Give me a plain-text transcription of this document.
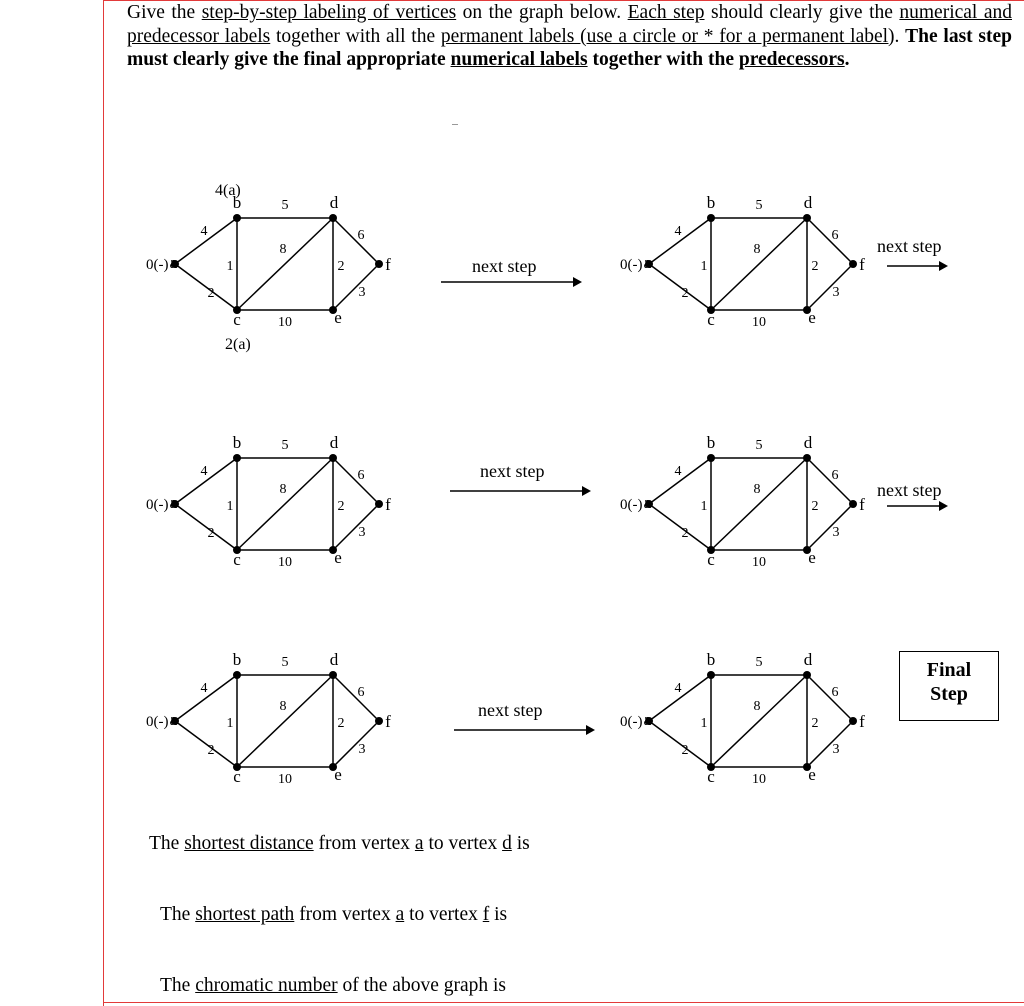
Give the step-by-step labeling of vertices on the graph below. Each step should clearly give the numerical and predecessor labels together with all the permanent labels (use a circle or * for a permanent label). The last step must clearly give the final appropriate numerical labels together with the predecessors.
0(-) a
b
c
d
e
f
4
2
1
5
8
10
2
6
3
0(-) a
b
c
d
e
f
4
2
1
5
8
10
2
6
3
0(-) a
b
c
d
e
f
4
2
1
5
8
10
2
6
3
0(-) a
b
c
d
e
f
4
2
1
5
8
10
2
6
3
0(-) a
b
c
d
e
f
4
2
1
5
8
10
2
6
3
0(-) a
b
c
d
e
f
4
2
1
5
8
10
2
6
3
4(a)
2(a)
next step
next step
next step
next step
next step
Final
Step
The shortest distance from vertex a to vertex d is
The shortest path from vertex a to vertex f is
The chromatic number of the above graph is
